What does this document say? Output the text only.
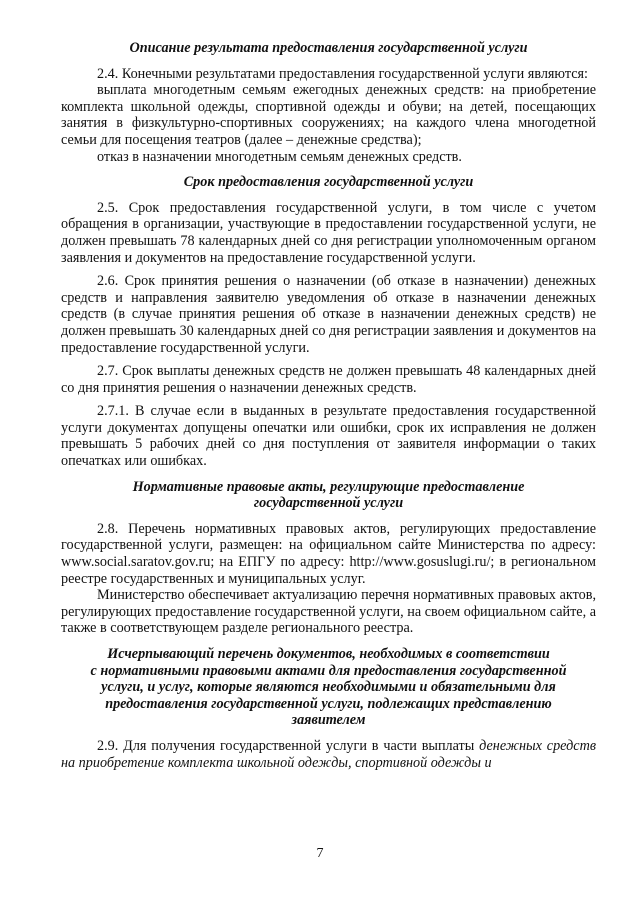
Описание результата предоставления государственной услуги

2.4. Конечными результатами предоставления государственной услуги являются:

выплата многодетным семьям ежегодных денежных средств: на приобретение комплекта школьной одежды, спортивной одежды и обуви; на детей, посещающих занятия в физкультурно-спортивных сооружениях; на каждого члена многодетной семьи для посещения театров (далее – денежные средства);

отказ в назначении многодетным семьям денежных средств.

Срок предоставления государственной услуги

2.5. Срок предоставления государственной услуги, в том числе с учетом обращения в организации, участвующие в предоставлении государственной услуги, не должен превышать 78 календарных дней со дня регистрации уполномоченным органом заявления и документов на предоставление государственной услуги.

2.6. Срок принятия решения о назначении (об отказе в назначении) денежных средств и направления заявителю уведомления об отказе в назначении денежных средств (в случае принятия решения об отказе в назначении денежных средств) не должен превышать 30 календарных дней со дня регистрации заявления и документов на предоставление государственной услуги.

2.7. Срок выплаты денежных средств не должен превышать 48 календарных дней со дня принятия решения о назначении денежных средств.

2.7.1. В случае если в выданных в результате предоставления государственной услуги документах допущены опечатки или ошибки, срок их исправления не должен превышать 5 рабочих дней со дня поступления от заявителя информации о таких опечатках или ошибках.

Нормативные правовые акты, регулирующие предоставление
государственной услуги

2.8. Перечень нормативных правовых актов, регулирующих предоставление государственной услуги, размещен: на официальном сайте Министерства по адресу: www.social.saratov.gov.ru; на ЕПГУ по адресу: http://www.gosuslugi.ru/; в региональном реестре государственных и муниципальных услуг.

Министерство обеспечивает актуализацию перечня нормативных правовых актов, регулирующих предоставление государственной услуги, на своем официальном сайте, а также в соответствующем разделе регионального реестра.

Исчерпывающий перечень документов, необходимых в соответствии
с нормативными правовыми актами для предоставления государственной
услуги, и услуг, которые являются необходимыми и обязательными для
предоставления государственной услуги, подлежащих представлению
заявителем

2.9. Для получения государственной услуги в части выплаты денежных средств на приобретение комплекта школьной одежды, спортивной одежды и

7
